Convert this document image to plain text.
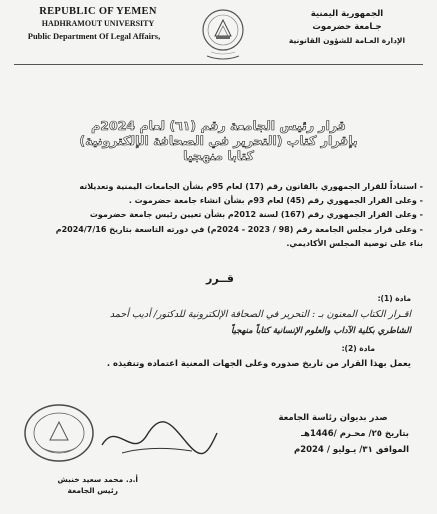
REPUBLIC OF YEMEN
HADHRAMOUT UNIVERSITY
Public Department Of Legal Affairs,
الجمهورية اليمنية
جـامعة حضرموت
الإدارة العـامة للشؤون القانونية
قرار رئيس الجامعة رقم (٦١) لعام 2024م
بإقرار كتاب (التحرير في الصحافة الإلكترونية)
كتابا منهجيا
- استناداً للقرار الجمهوري بالقانون رقم (17) لعام 95م بشأن الجامعات اليمنية وتعديلاته
- وعلى القرار الجمهوري رقم (45) لعام 93م بشأن انشاء جامعة حضرموت .
- وعلى القرار الجمهوري رقم (167) لسنة 2012م بشأن تعيين رئيس جامعة حضرموت
- وعلى قرار مجلس الجامعة رقم (98 / 2023 - 2024م) في دورته التاسعة بتاريخ 2024/7/16م
بناء على توصية المجلس الأكاديمي.
قــرر
مادة (1):
اقـرار الكتاب المعنون بـ : التحرير في الصحافة الإلكترونية للدكتور/ أديب أحمد
الشاطري بكلية الآداب والعلوم الإنسانية كتاباً منهجياً
مادة (2):
يعمل بهذا القرار من تاريخ صدوره وعلى الجهات المعنية اعتماده وتنفيذه .
صدر بديوان رئاسة الجامعة
بتاريخ ٢٥/ محـرم /1446هـ
الموافق ٣١/ يـوليو / 2024م
أ.د. محمد سعيد خنبش
رئيس الجامعة
